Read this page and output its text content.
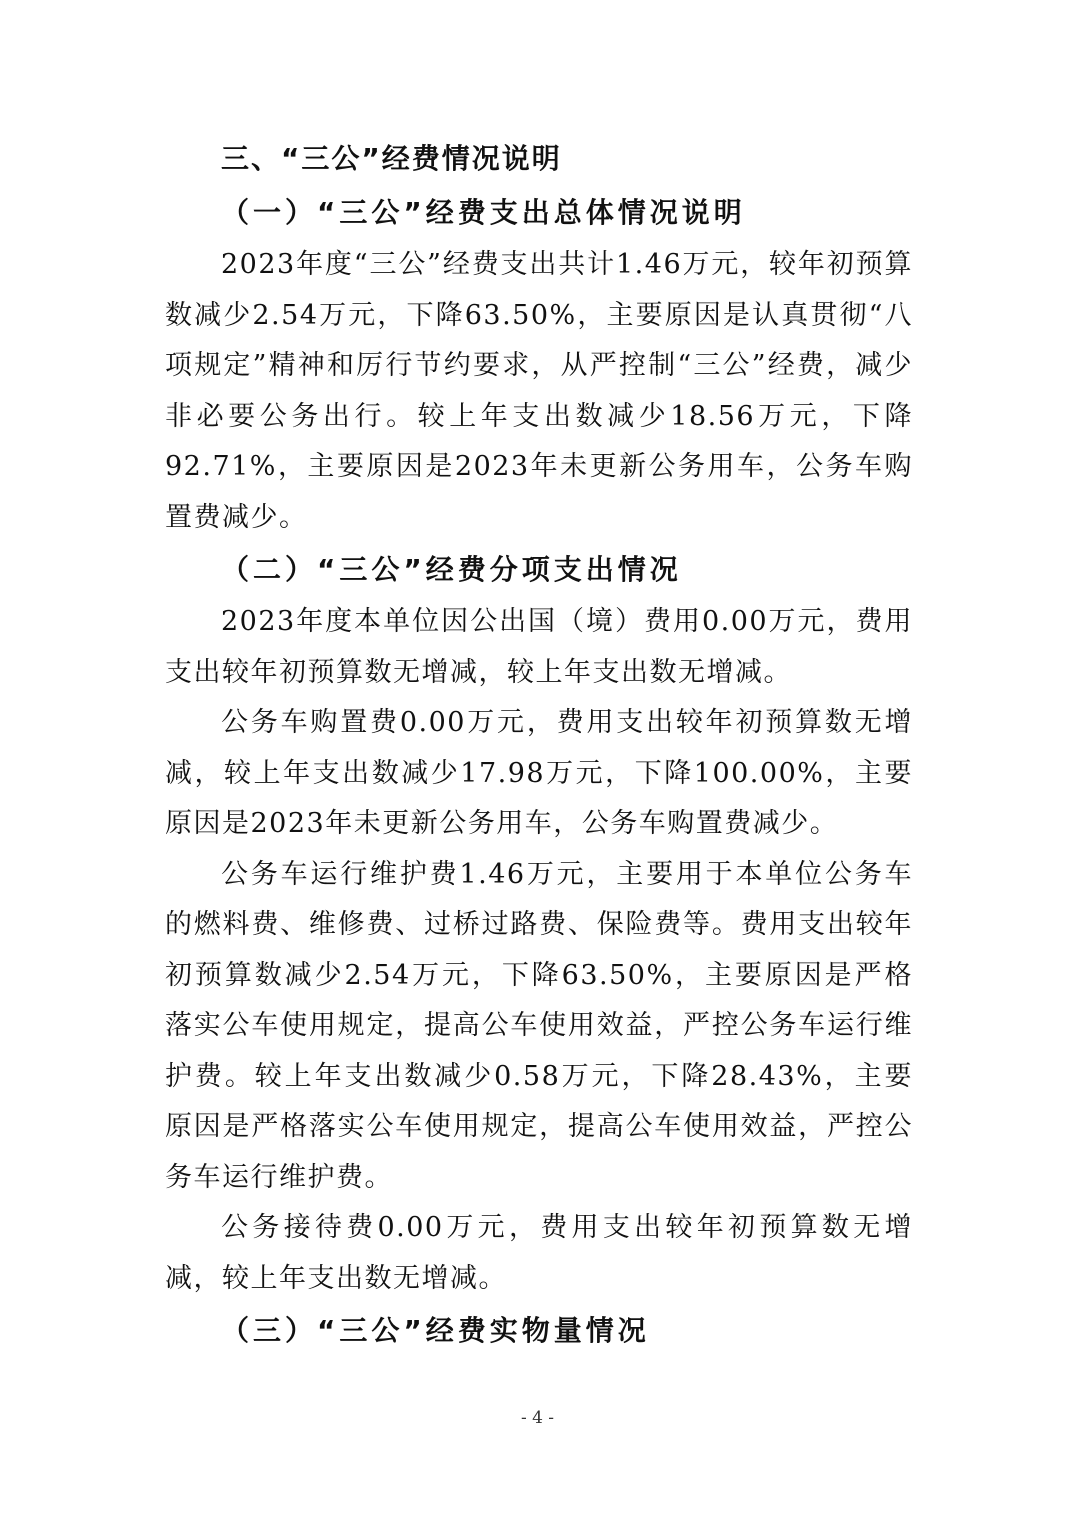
三、“三公”经费情况说明
（一）“三公”经费支出总体情况说明

2023年度“三公”经费支出共计1.46万元，较年初预算数减少2.54万元，下降63.50%，主要原因是认真贯彻“八项规定”精神和厉行节约要求，从严控制“三公”经费，减少非必要公务出行。较上年支出数减少18.56万元，下降92.71%，主要原因是2023年未更新公务用车，公务车购置费减少。

（二）“三公”经费分项支出情况

2023年度本单位因公出国（境）费用0.00万元，费用支出较年初预算数无增减，较上年支出数无增减。

公务车购置费0.00万元，费用支出较年初预算数无增减，较上年支出数减少17.98万元，下降100.00%，主要原因是2023年未更新公务用车，公务车购置费减少。

公务车运行维护费1.46万元，主要用于本单位公务车的燃料费、维修费、过桥过路费、保险费等。费用支出较年初预算数减少2.54万元，下降63.50%，主要原因是严格落实公车使用规定，提高公车使用效益，严控公务车运行维护费。较上年支出数减少0.58万元，下降28.43%，主要原因是严格落实公车使用规定，提高公车使用效益，严控公务车运行维护费。

公务接待费0.00万元，费用支出较年初预算数无增减，较上年支出数无增减。

（三）“三公”经费实物量情况
- 4 -
